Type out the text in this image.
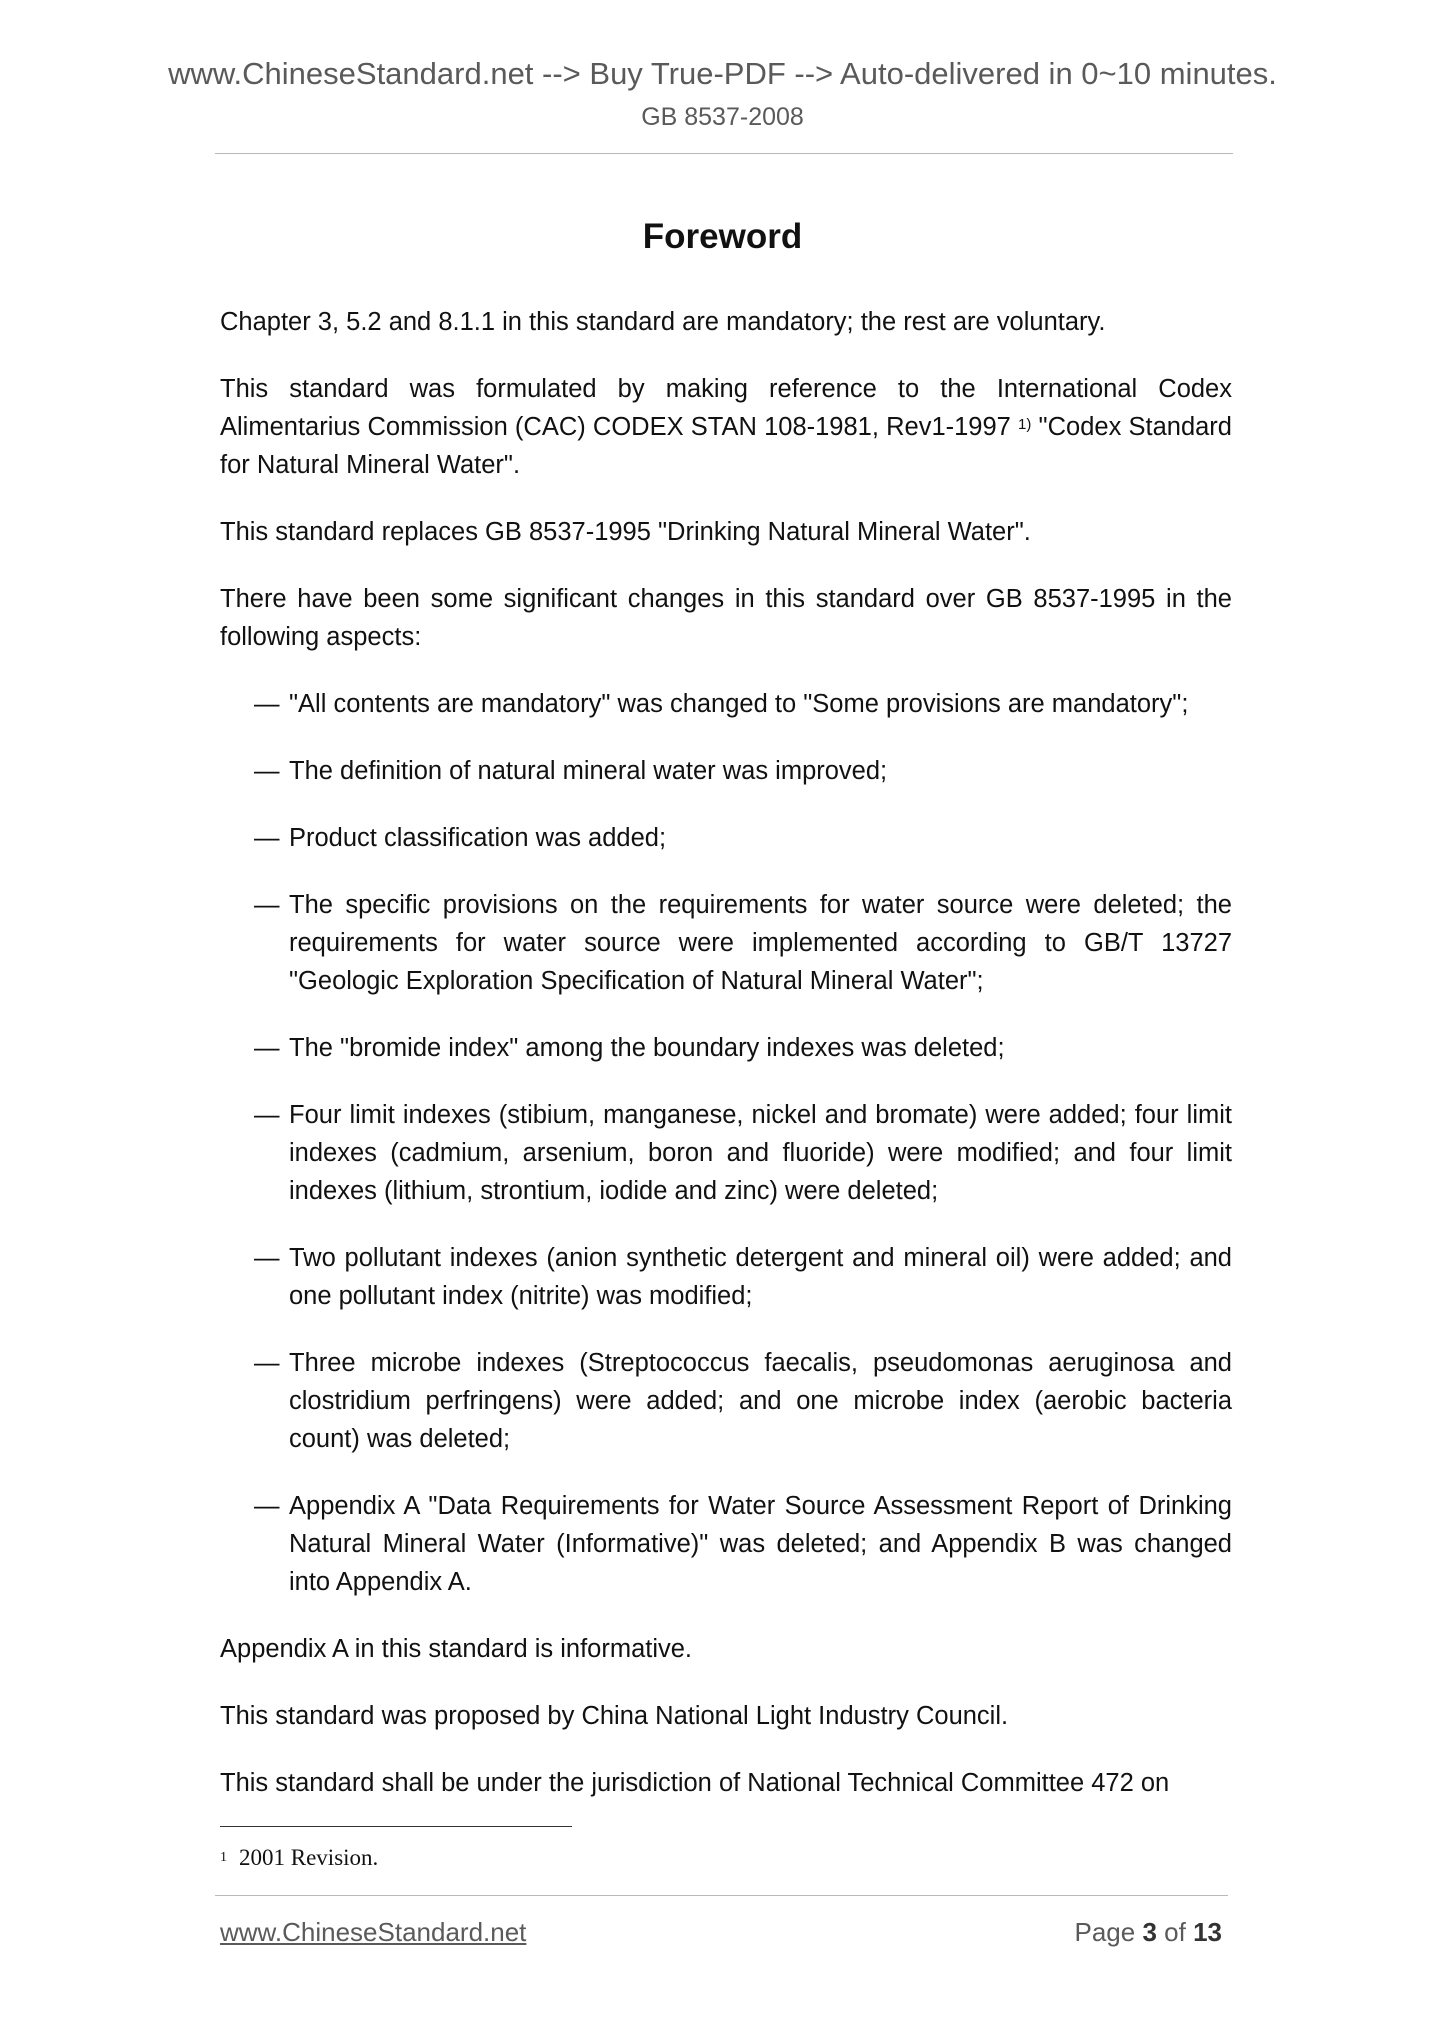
www.ChineseStandard.net --> Buy True-PDF --> Auto-delivered in 0~10 minutes.
GB 8537-2008
Foreword

Chapter 3, 5.2 and 8.1.1 in this standard are mandatory; the rest are voluntary.

This standard was formulated by making reference to the International Codex Alimentarius Commission (CAC) CODEX STAN 108-1981, Rev1-1997 $^{1)}$ "Codex Standard for Natural Mineral Water".

This standard replaces GB 8537-1995 "Drinking Natural Mineral Water".

There have been some significant changes in this standard over GB 8537-1995 in the following aspects:

— "All contents are mandatory" was changed to "Some provisions are mandatory";
— The definition of natural mineral water was improved;
— Product classification was added;
— The specific provisions on the requirements for water source were deleted; the requirements for water source were implemented according to GB/T 13727 "Geologic Exploration Specification of Natural Mineral Water";
— The "bromide index" among the boundary indexes was deleted;
— Four limit indexes (stibium, manganese, nickel and bromate) were added; four limit indexes (cadmium, arsenium, boron and fluoride) were modified; and four limit indexes (lithium, strontium, iodide and zinc) were deleted;
— Two pollutant indexes (anion synthetic detergent and mineral oil) were added; and one pollutant index (nitrite) was modified;
— Three microbe indexes (Streptococcus faecalis, pseudomonas aeruginosa and clostridium perfringens) were added; and one microbe index (aerobic bacteria count) was deleted;
— Appendix A "Data Requirements for Water Source Assessment Report of Drinking Natural Mineral Water (Informative)" was deleted; and Appendix B was changed into Appendix A.

Appendix A in this standard is informative.

This standard was proposed by China National Light Industry Council.

This standard shall be under the jurisdiction of National Technical Committee 472 on

$^1$ 2001 Revision.
www.ChineseStandard.net	Page 3 of 13
